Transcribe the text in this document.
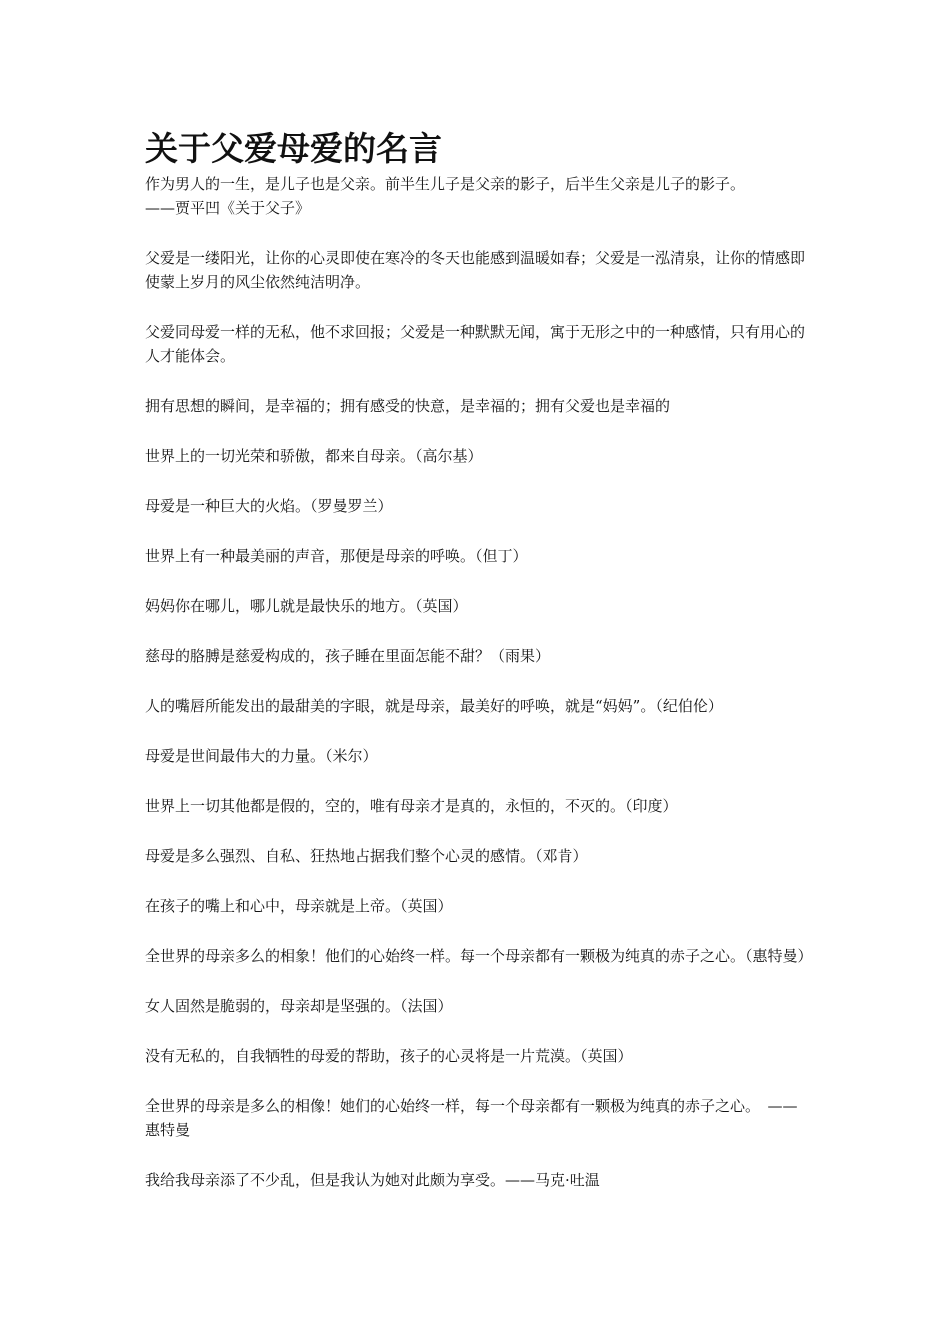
关于父爱母爱的名言

作为男人的一生，是儿子也是父亲。前半生儿子是父亲的影子，后半生父亲是儿子的影子。
——贾平凹《关于父子》

父爱是一缕阳光，让你的心灵即使在寒冷的冬天也能感到温暖如春；父爱是一泓清泉，让你的情感即使蒙上岁月的风尘依然纯洁明净。

父爱同母爱一样的无私，他不求回报；父爱是一种默默无闻，寓于无形之中的一种感情，只有用心的人才能体会。

拥有思想的瞬间，是幸福的；拥有感受的快意，是幸福的；拥有父爱也是幸福的

世界上的一切光荣和骄傲，都来自母亲。（高尔基）

母爱是一种巨大的火焰。（罗曼罗兰）

世界上有一种最美丽的声音，那便是母亲的呼唤。（但丁）

妈妈你在哪儿，哪儿就是最快乐的地方。（英国）

慈母的胳膊是慈爱构成的，孩子睡在里面怎能不甜？（雨果）

人的嘴唇所能发出的最甜美的字眼，就是母亲，最美好的呼唤，就是“妈妈”。（纪伯伦）

母爱是世间最伟大的力量。（米尔）

世界上一切其他都是假的，空的，唯有母亲才是真的，永恒的，不灭的。（印度）

母爱是多么强烈、自私、狂热地占据我们整个心灵的感情。（邓肯）

在孩子的嘴上和心中，母亲就是上帝。（英国）

全世界的母亲多么的相象！他们的心始终一样。每一个母亲都有一颗极为纯真的赤子之心。（惠特曼）

女人固然是脆弱的，母亲却是坚强的。（法国）

没有无私的，自我牺牲的母爱的帮助，孩子的心灵将是一片荒漠。（英国）

全世界的母亲是多么的相像！她们的心始终一样，每一个母亲都有一颗极为纯真的赤子之心。　——惠特曼

我给我母亲添了不少乱，但是我认为她对此颇为享受。——马克·吐温
